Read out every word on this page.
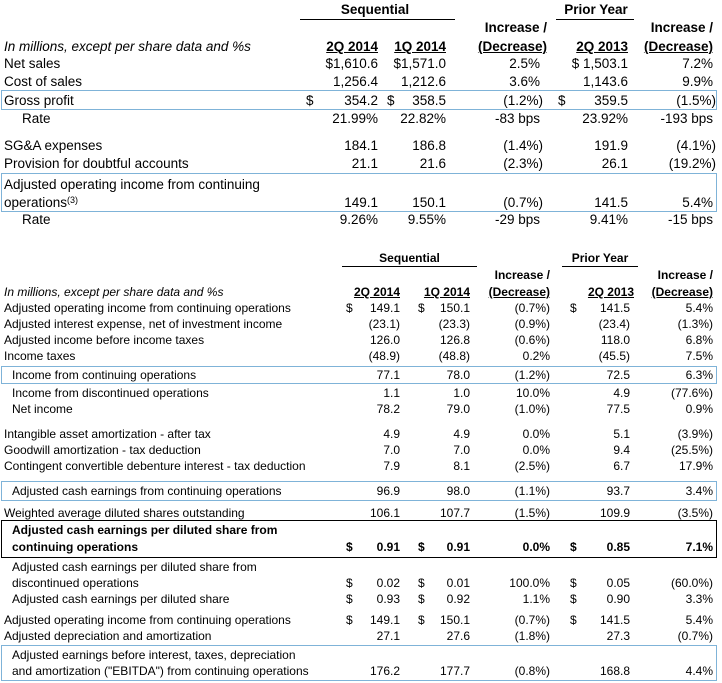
Sequential	Prior Year
Increase /	Increase /
In millions, except per share data and %s	2Q 2014	1Q 2014	(Decrease)	2Q 2013	(Decrease)
Net sales	$1,610.6	$1,571.0	2.5%	$ 1,503.1	7.2%
Cost of sales	1,256.4	1,212.6	3.6%	1,143.6	9.9%
Gross profit	$	354.2 $	358.5	(1.2%) $	359.5	(1.5%)
Rate	21.99%	22.82%	-83 bps	23.92%	-193 bps
SG&A expenses	184.1	186.8	(1.4%)	191.9	(4.1%)
Provision for doubtful accounts	21.1	21.6	(2.3%)	26.1	(19.2%)
Adjusted operating income from continuing
operations$^{(3)}$	149.1	150.1	(0.7%)	141.5	5.4%
Rate	9.26%	9.55%	-29 bps	9.41%	-15 bps
Sequential	Prior Year
Increase /	Increase /
In millions, except per share data and %s	2Q 2014	1Q 2014	(Decrease)	2Q 2013	(Decrease)
Adjusted operating income from continuing operations	$	149.1 $	150.1	(0.7%) $	141.5	5.4%
Adjusted interest expense, net of investment income	(23.1)	(23.3)	(0.9%)	(23.4)	(1.3%)
Adjusted income before income taxes	126.0	126.8	(0.6%)	118.0	6.8%
Income taxes	(48.9)	(48.8)	0.2%	(45.5)	7.5%
Income from continuing operations	77.1	78.0	(1.2%)	72.5	6.3%
Income from discontinued operations	1.1	1.0	10.0%	4.9	(77.6%)
Net income	78.2	79.0	(1.0%)	77.5	0.9%
Intangible asset amortization - after tax	4.9	4.9	0.0%	5.1	(3.9%)
Goodwill amortization - tax deduction	7.0	7.0	0.0%	9.4	(25.5%)
Contingent convertible debenture interest - tax deduction	7.9	8.1	(2.5%)	6.7	17.9%
Adjusted cash earnings from continuing operations	96.9	98.0	(1.1%)	93.7	3.4%
Weighted average diluted shares outstanding	106.1	107.7	(1.5%)	109.9	(3.5%)
Adjusted cash earnings per diluted share from
continuing operations	$	0.91 $	0.91	0.0% $	0.85	7.1%
Adjusted cash earnings per diluted share from
discontinued operations	$	0.02 $	0.01	100.0% $	0.05	(60.0%)
Adjusted cash earnings per diluted share	$	0.93 $	0.92	1.1% $	0.90	3.3%
Adjusted operating income from continuing operations	$	149.1 $	150.1	(0.7%) $	141.5	5.4%
Adjusted depreciation and amortization	27.1	27.6	(1.8%)	27.3	(0.7%)
Adjusted earnings before interest, taxes, depreciation
and amortization ("EBITDA") from continuing operations	176.2	177.7	(0.8%)	168.8	4.4%
